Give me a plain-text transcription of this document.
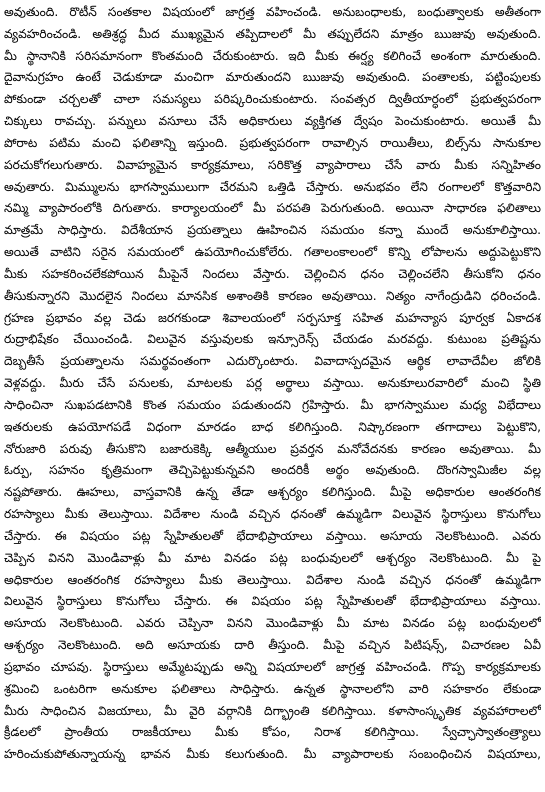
అవుతుంది. రొటీన్ సంతకాల విషయంలో జాగ్రత్త వహించండి. అనుబంధాలకు, బంధుత్వాలకు అతీతంగా
వ్యవహరించండి. అతిశ్రద్ధ మీద ముఖ్యమైన తప్పిదాలలో మీ తప్పులేదని మాత్రం ఋజువు అవుతుంది.
మీ స్థానానికి సరిసమానంగా కొంతమంది చేరుకుంటారు. ఇది మీకు ఈర్ష్య కలిగించే అంశంగా మారుతుంది.
దైవానుగ్రహం ఉంటే చెడుకూడా మంచిగా మారుతుందని ఋజువు అవుతుంది. పంతాలకు, పట్టింపులకు
పోకుండా చర్చలతో చాలా సమస్యలు పరిష్కరించుకుంటారు. సంవత్సర ద్వితీయార్ధంలో ప్రభుత్వపరంగా
చిక్కులు రావచ్చు. పన్నులు వసూలు చేసే అధికారులు వ్యక్తిగత ద్వేషం పెంచుకుంటారు. అయితే మీ
పోరాట పటిమ మంచి ఫలితాన్ని ఇస్తుంది. ప్రభుత్వపరంగా రావాల్సిన రాయితీలు, బిల్స్‌ను సానుకూల
పరచుకోగలుగుతారు. వివాహ్యమైన కార్యక్రమాలు, సరికొత్త వ్యాపారాలు చేసే వారు మీకు సన్నిహితం
అవుతారు. మిమ్ములను భాగస్వాములుగా చేరమని ఒత్తిడి చేస్తారు. అనుభవం లేని రంగాలలో కొత్తవారిని
నమ్మి వ్యాపారంలోకి దిగుతారు. కార్యాలయంలో మీ పరపతి పెరుగుతుంది. అయినా సాధారణ ఫలితాలు
మాత్రమే సాధిస్తారు. విదేశీయాన ప్రయత్నాలు ఊహించిన సమయం కన్నా ముందే అనుకూలిస్తాయి.
అయితే వాటిని సరైన సమయంలో ఉపయోగించుకోలేరు. గతాలంకాలంలో కొన్ని లోపాలను అద్దుపెట్టుకొని
మీకు సహకరించలేకపోయిన మీపైనే నిందలు వేస్తారు. చెల్లించిన ధనం చెల్లించలేని తీసుకోని ధనం
తీసుకున్నారని మొదలైన నిందలు మానసిక అశాంతికి కారణం అవుతాయి. నిత్యం నాగేంద్రుడిని ధరించండి.
గ్రహణ ప్రభావం వల్ల చెడు జరగకుండా శివాలయంలో సర్పసూక్త సహిత మహన్యాస పూర్వక ఏకాదశ
రుద్రాభిషేకం చేయించండి. విలువైన వస్తువులకు ఇన్సూరెన్స్ చేయడం మరవద్దు. కుటుంబ ప్రతిష్టను
దెబ్బతీసే ప్రయత్నాలను సమర్థవంతంగా ఎదుర్కొంటారు. వివాదాస్పదమైన ఆర్థిక లావాదేవీల జోలికి
వెళ్లవద్దు. మీరు చేసే పనులకు, మాటలకు పర్ల అర్థాలు వస్తాయి. అనుకూలురవారిలో మంచి స్థితి
సాధించినా సుఖపడటానికి కొంత సమయం పడుతుందని గ్రహిస్తారు. మీ భాగస్వాముల మధ్య విభేదాలు
ఇతరులకు ఉపయోగపడే విధంగా మారడం బాధ కలిగిస్తుంది. నిష్కారణంగా తగాదాలు పెట్టుకొని,
నోరుజారి పరువు తీసుకొని బజారుకెక్కి ఆత్మీయుల ప్రవర్తన మనోవేదనకు కారణం అవుతాయి. మీ
ఓర్పు, సహనం కృత్రిమంగా తెచ్చిపెట్టుకున్నవని అందరికీ అర్థం అవుతుంది. దొంగస్వామిజీల వల్ల
నష్టపోతారు. ఊహలు, వాస్తవానికి ఉన్న తేడా ఆశ్చర్యం కలిగిస్తుంది. మీపై అధికారుల ఆంతరంగిక
రహస్యాలు మీకు తెలుస్తాయి. విదేశాల నుండి వచ్చిన ధనంతో ఉమ్మడిగా విలువైన స్థిరాస్తులు కొనుగోలు
చేస్తారు. ఈ విషయం పట్ల స్నేహితులతో భేదాభిప్రాయాలు వస్తాయి. అసూయ నెలకొంటుంది. ఎవరు
చెప్పిన వినని మొండివాళ్లు మీ మాట వినడం పట్ల బంధువులలో ఆశ్చర్యం నెలకొంటుంది. మీ పై
అధికారుల ఆంతరంగిక రహస్యాలు మీకు తెలుస్తాయి. విదేశాల నుండి వచ్చిన ధనంతో ఉమ్మడిగా
విలువైన స్థిరాస్తులు కొనుగోలు చేస్తారు. ఈ విషయం పట్ల స్నేహితులతో భేదాభిప్రాయాలు వస్తాయి.
అసూయ నెలకొంటుంది. ఎవరు చెప్పినా వినని మొండివాళ్లు మీ మాట వినడం పట్ల బంధువులలో
ఆశ్చర్యం నెలకొంటుంది. అది అసూయకు దారి తీస్తుంది. మీపై వచ్చిన పిటిషన్స్, విచారణల ఏవీ
ప్రభావం చూపవు. స్థిరాస్తులు అమ్మేటప్పుడు అన్ని విషయాలలో జాగ్రత్త వహించండి. గొప్ప కార్యక్రమాలకు
శ్రమించి ఒంటరిగా అనుకూల ఫలితాలు సాధిస్తారు. ఉన్నత స్థానాలలోని వారి సహకారం లేకుండా
మీరు సాధించిన విజయాలు, మీ వైరి వర్గానికి దిగ్భ్రాంతి కలిగిస్తాయి. కళాసాంస్కృతిక వ్యవహారాలలో
క్రీడలలో ప్రాంతీయ రాజకీయాలు మీకు కోపం, నిరాశ కలిగిస్తాయి. స్వేచ్ఛాస్వాతంత్ర్యాలు
హరించుకుపోతున్నాయన్న భావన మీకు కలుగుతుంది. మీ వ్యాపారాలకు సంబంధించిన విషయాలు,
